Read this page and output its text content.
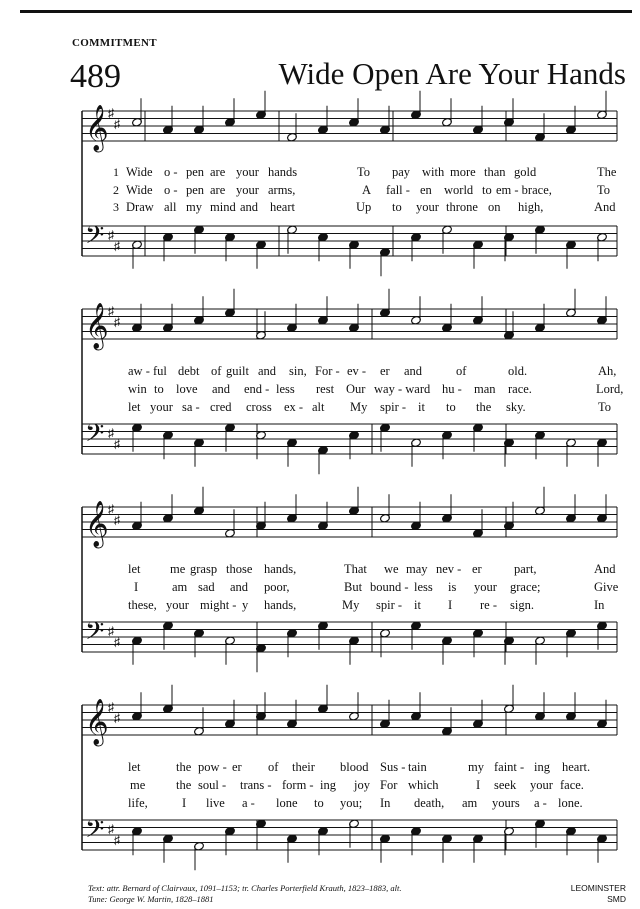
COMMITMENT
489	Wide Open Are Your Hands
𝄞 ♯
♯
𝄢 ♯
♯
𝄞 ♯
♯
𝄢 ♯
♯
𝄞 ♯
♯
𝄢 ♯
♯
𝄞 ♯
♯
𝄢 ♯
♯
1 Wide o - pen are your hands	To pay with more than gold	The
2 Wide o - pen are your arms,	A fall - en world to em - brace,	To
3 Draw all my mind and heart	Up to your throne on high,	And
aw - ful debt of guilt and sin, For - ev - er and	of	old.	Ah,
win to love and end - less rest Our way - ward hu - man race.	Lord,
let your sa - cred cross ex - alt My spir - it to the sky.	To
let me grasp those hands,	That we may nev - er	part,	And
I	am sad and poor,	But bound - less is your grace;	Give
these, your might - y hands,	My spir - it I re - sign.	In
let	the pow - er of their blood Sus - tain	my faint - ing heart.
me the soul - trans - form - ing joy For which	I seek your face.
life,	I live a - lone to you; In death, am yours a - lone.
Text: attr. Bernard of Clairvaux, 1091–1153; tr. Charles Porterfield Krauth, 1823–1883, alt.
Tune: George W. Martin, 1828–1881
LEOMINSTER
SMD
